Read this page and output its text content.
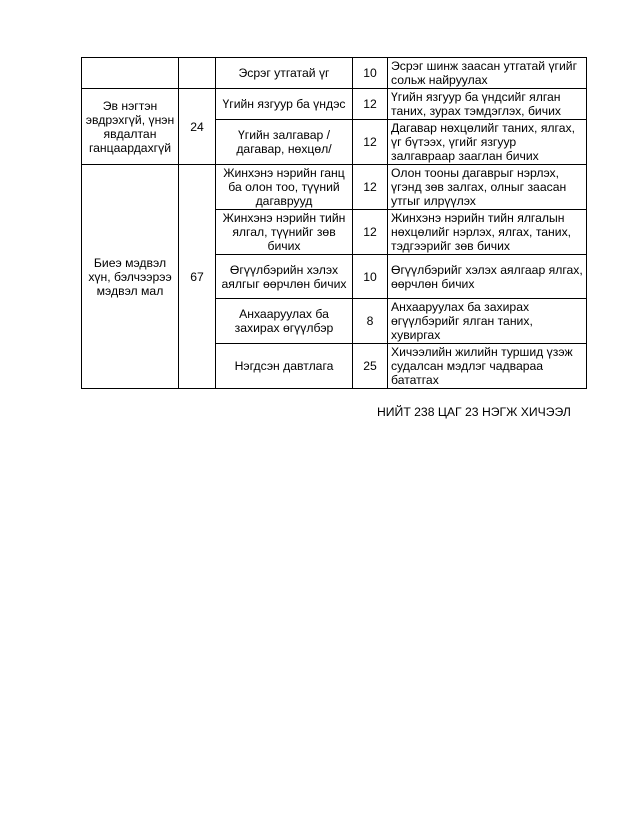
		Эсрэг утгатай үг	10	Эсрэг шинж заасан утгатай үгийг сольж найруулах
Эв нэгтэн эвдрэхгүй, үнэн явдалтан ганцаардахгүй	24	Үгийн язгуур ба үндэс	12	Үгийн язгуур ба үндсийг ялган таних, зурах тэмдэглэх, бичих
		Үгийн залгавар /дагавар, нөхцөл/	12	Дагавар нөхцөлийг таних, ялгах, үг бүтээх, үгийг язгуур залгавраар зааглан бичих
Биеэ мэдвэл хүн, бэлчээрээ мэдвэл мал	67	Жинхэнэ нэрийн ганц ба олон тоо, түүний дагаврууд	12	Олон тооны дагаврыг нэрлэх, үгэнд зөв залгах, олныг заасан утгыг илрүүлэх
		Жинхэнэ нэрийн тийн ялгал, түүнийг зөв бичих	12	Жинхэнэ нэрийн тийн ялгалын нөхцөлийг нэрлэх, ялгах, таних, тэдгээрийг зөв бичих
		Өгүүлбэрийн хэлэх аялгыг өөрчлөн бичих	10	Өгүүлбэрийг хэлэх аялгаар ялгах, өөрчлөн бичих
		Анхааруулах ба захирах өгүүлбэр	8	Анхааруулах ба захирах өгүүлбэрийг ялган таних, хувиргах
		Нэгдсэн давтлага	25	Хичээлийн жилийн туршид үзэж судалсан мэдлэг чадвараа бататгах
НИЙТ 238 ЦАГ 23 НЭГЖ ХИЧЭЭЛ
